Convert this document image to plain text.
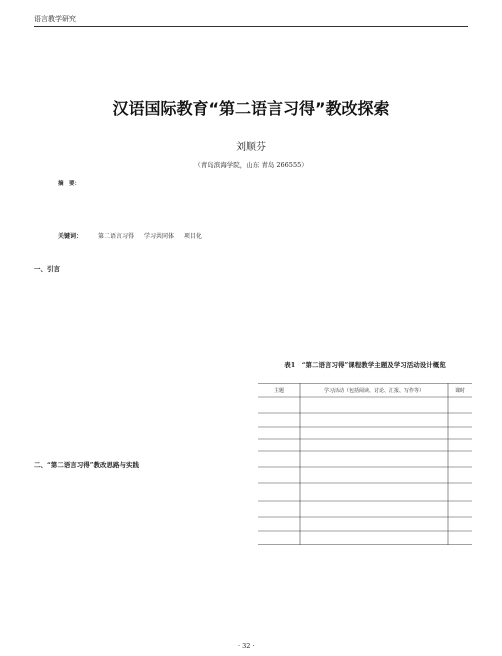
语言教学研究
汉语国际教育“第二语言习得”教改探索
刘顺芬
（青岛滨海学院，山东 青岛 266555）
摘　要：
关键词：	第二语言习得 学习共同体 项目化
一、引言
二、“第二语言习得”教改思路与实践
表1　“第二语言习得”课程教学主题及学习活动设计概览
主题	学习活动（包括阅读、讨论、汇报、写作等）	课时
· 32 ·
